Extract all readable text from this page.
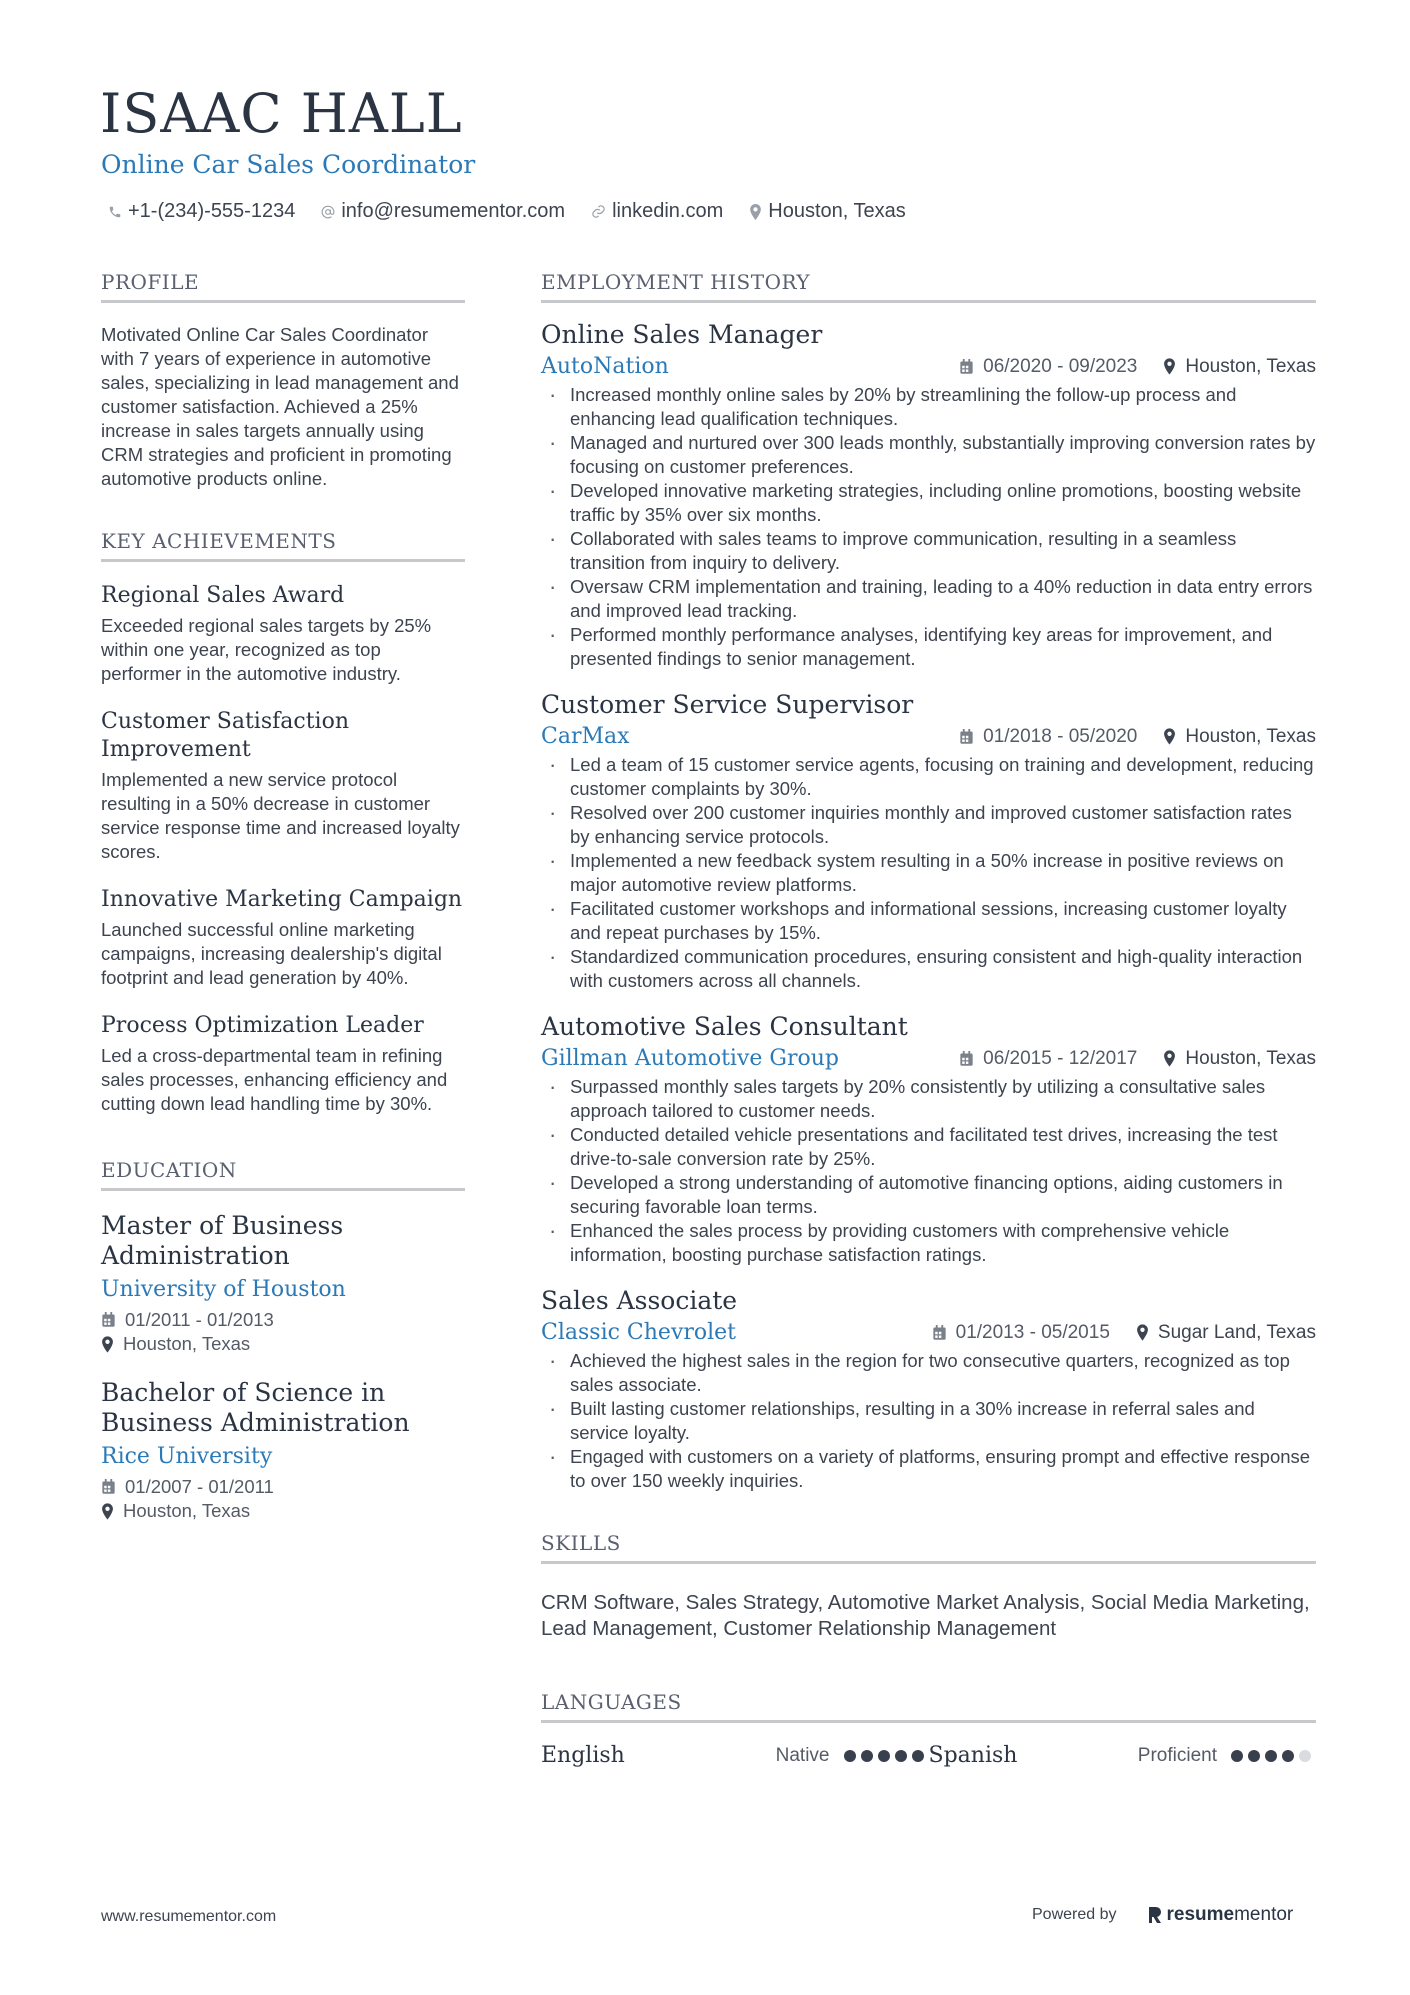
ISAAC HALL
Online Car Sales Coordinator
+1-(234)-555-1234 info@resumementor.com linkedin.com Houston, Texas
PROFILE
Motivated Online Car Sales Coordinator with 7 years of experience in automotive sales, specializing in lead management and customer satisfaction. Achieved a 25% increase in sales targets annually using CRM strategies and proficient in promoting automotive products online.
KEY ACHIEVEMENTS
Regional Sales Award
Exceeded regional sales targets by 25% within one year, recognized as top performer in the automotive industry.
Customer Satisfaction Improvement
Implemented a new service protocol resulting in a 50% decrease in customer service response time and increased loyalty scores.
Innovative Marketing Campaign
Launched successful online marketing campaigns, increasing dealership's digital footprint and lead generation by 40%.
Process Optimization Leader
Led a cross-departmental team in refining sales processes, enhancing efficiency and cutting down lead handling time by 30%.
EDUCATION
Master of Business Administration
University of Houston
01/2011 - 01/2013
Houston, Texas
Bachelor of Science in Business Administration
Rice University
01/2007 - 01/2011
Houston, Texas
EMPLOYMENT HISTORY
Online Sales Manager
AutoNation	06/2020 - 09/2023	Houston, Texas
· Increased monthly online sales by 20% by streamlining the follow-up process and enhancing lead qualification techniques.
· Managed and nurtured over 300 leads monthly, substantially improving conversion rates by focusing on customer preferences.
· Developed innovative marketing strategies, including online promotions, boosting website traffic by 35% over six months.
· Collaborated with sales teams to improve communication, resulting in a seamless transition from inquiry to delivery.
· Oversaw CRM implementation and training, leading to a 40% reduction in data entry errors and improved lead tracking.
· Performed monthly performance analyses, identifying key areas for improvement, and presented findings to senior management.
Customer Service Supervisor
CarMax	01/2018 - 05/2020	Houston, Texas
· Led a team of 15 customer service agents, focusing on training and development, reducing customer complaints by 30%.
· Resolved over 200 customer inquiries monthly and improved customer satisfaction rates by enhancing service protocols.
· Implemented a new feedback system resulting in a 50% increase in positive reviews on major automotive review platforms.
· Facilitated customer workshops and informational sessions, increasing customer loyalty and repeat purchases by 15%.
· Standardized communication procedures, ensuring consistent and high-quality interaction with customers across all channels.
Automotive Sales Consultant
Gillman Automotive Group	06/2015 - 12/2017	Houston, Texas
· Surpassed monthly sales targets by 20% consistently by utilizing a consultative sales approach tailored to customer needs.
· Conducted detailed vehicle presentations and facilitated test drives, increasing the test drive-to-sale conversion rate by 25%.
· Developed a strong understanding of automotive financing options, aiding customers in securing favorable loan terms.
· Enhanced the sales process by providing customers with comprehensive vehicle information, boosting purchase satisfaction ratings.
Sales Associate
Classic Chevrolet	01/2013 - 05/2015	Sugar Land, Texas
· Achieved the highest sales in the region for two consecutive quarters, recognized as top sales associate.
· Built lasting customer relationships, resulting in a 30% increase in referral sales and service loyalty.
· Engaged with customers on a variety of platforms, ensuring prompt and effective response to over 150 weekly inquiries.
SKILLS
CRM Software, Sales Strategy, Automotive Market Analysis, Social Media Marketing, Lead Management, Customer Relationship Management
LANGUAGES
English	Native	Spanish	Proficient
www.resumementor.com	Powered by	resume mentor
